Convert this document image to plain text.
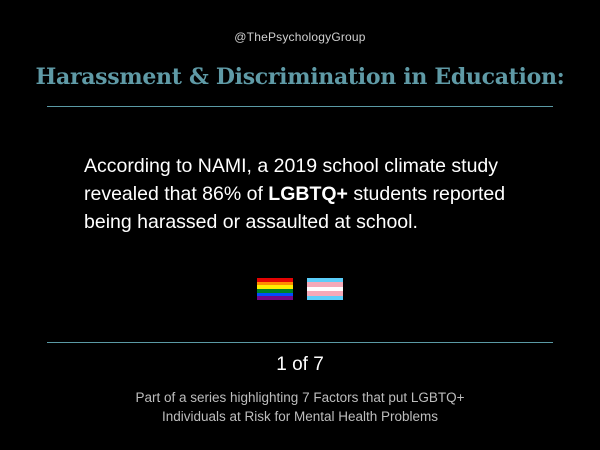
@ThePsychologyGroup
Harassment & Discrimination in Education:
According to NAMI, a 2019 school climate study
revealed that 86% of LGBTQ+ students reported
being harassed or assaulted at school.
1 of 7
Part of a series highlighting 7 Factors that put LGBTQ+
Individuals at Risk for Mental Health Problems
